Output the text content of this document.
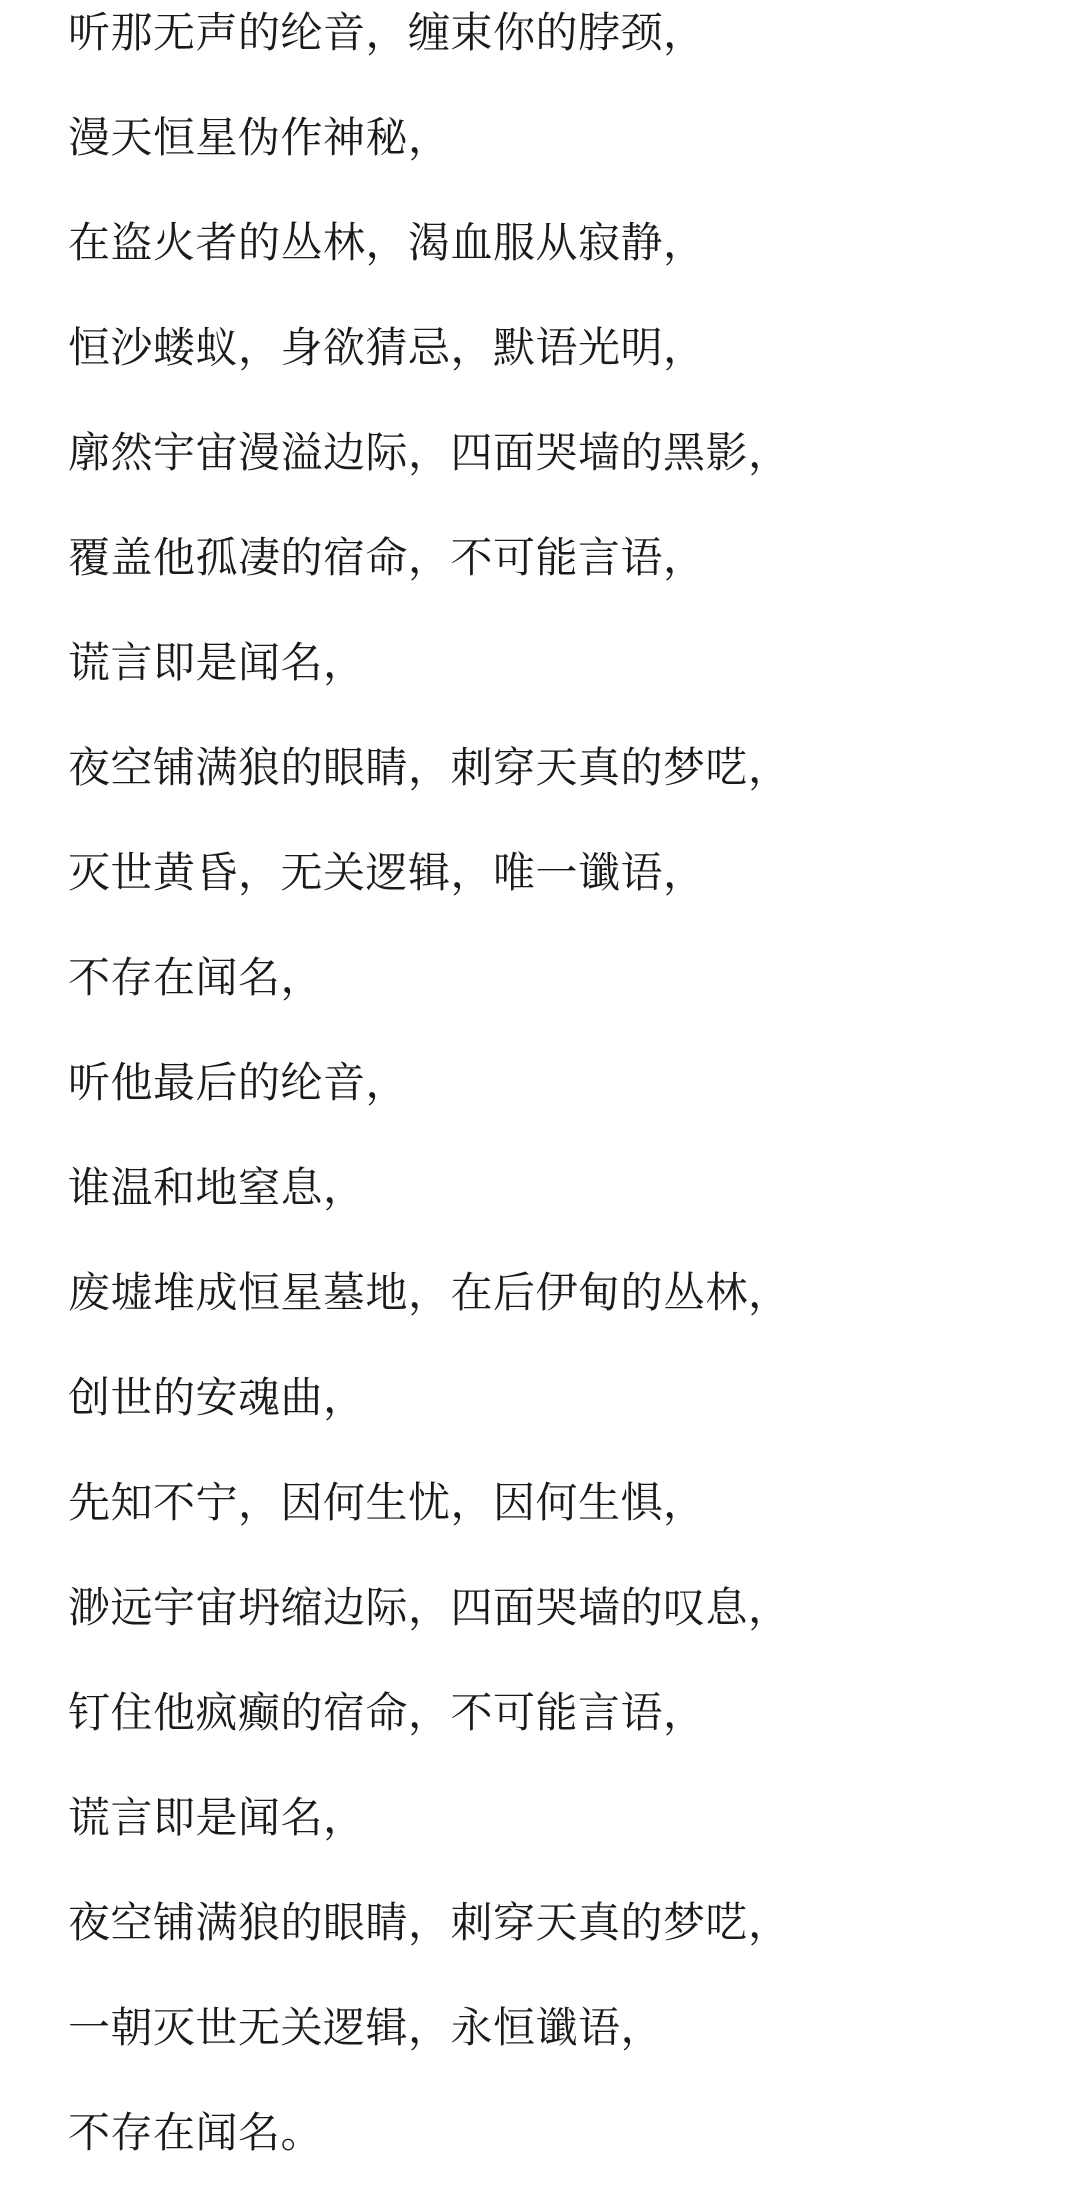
听那无声的纶音，缠束你的脖颈，
漫天恒星伪作神秘，
在盗火者的丛林，渴血服从寂静，
恒沙蝼蚁，身欲猜忌，默语光明，
廓然宇宙漫溢边际，四面哭墙的黑影，
覆盖他孤凄的宿命，不可能言语，
谎言即是闻名，
夜空铺满狼的眼睛，刺穿天真的梦呓，
灭世黄昏，无关逻辑，唯一谶语，
不存在闻名，
听他最后的纶音，
谁温和地窒息，
废墟堆成恒星墓地，在后伊甸的丛林，
创世的安魂曲，
先知不宁，因何生忧，因何生惧，
渺远宇宙坍缩边际，四面哭墙的叹息，
钉住他疯癫的宿命，不可能言语，
谎言即是闻名，
夜空铺满狼的眼睛，刺穿天真的梦呓，
一朝灭世无关逻辑，永恒谶语，
不存在闻名。
